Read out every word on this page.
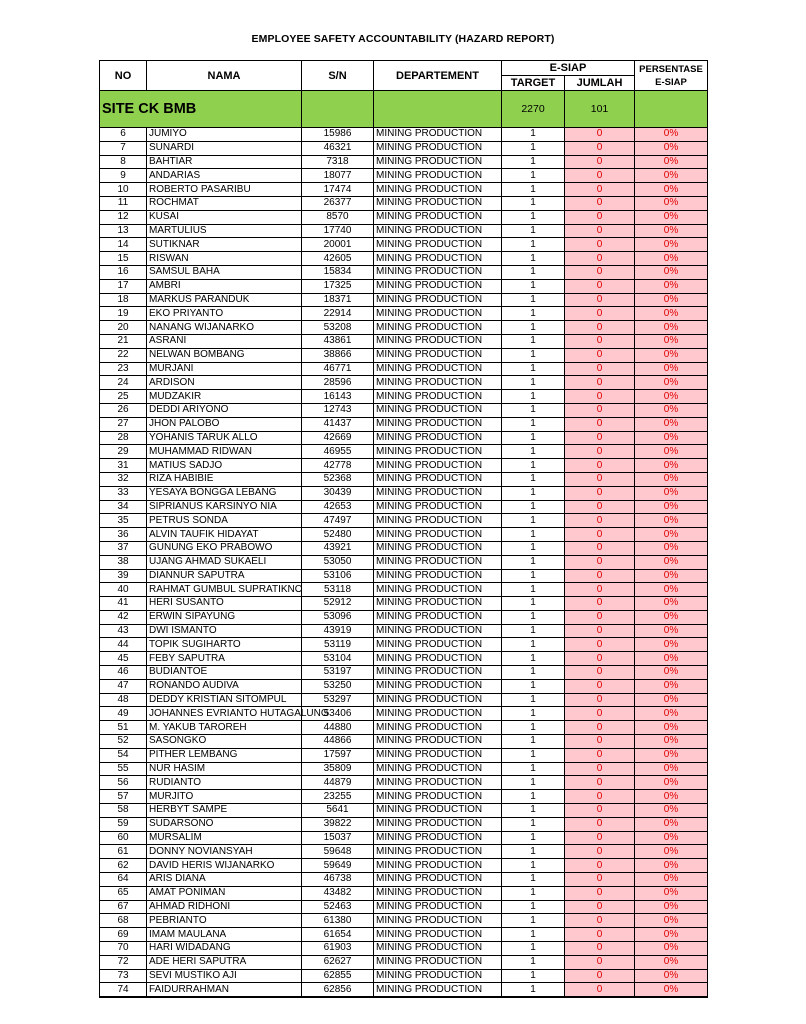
EMPLOYEE SAFETY ACCOUNTABILITY (HAZARD REPORT)
NO	NAMA	S/N	DEPARTEMENT	E-SIAP		PERSENTASE
E-SIAP

				TARGET	JUMLAH	
SITE CK BMB				2270	101	
6	JUMIYO	15986	MINING PRODUCTION	1	0	0%
7	SUNARDI	46321	MINING PRODUCTION	1	0	0%
8	BAHTIAR	7318	MINING PRODUCTION	1	0	0%
9	ANDARIAS	18077	MINING PRODUCTION	1	0	0%
10	ROBERTO PASARIBU	17474	MINING PRODUCTION	1	0	0%
11	ROCHMAT	26377	MINING PRODUCTION	1	0	0%
12	KUSAI	8570	MINING PRODUCTION	1	0	0%
13	MARTULIUS	17740	MINING PRODUCTION	1	0	0%
14	SUTIKNAR	20001	MINING PRODUCTION	1	0	0%
15	RISWAN	42605	MINING PRODUCTION	1	0	0%
16	SAMSUL BAHA	15834	MINING PRODUCTION	1	0	0%
17	AMBRI	17325	MINING PRODUCTION	1	0	0%
18	MARKUS PARANDUK	18371	MINING PRODUCTION	1	0	0%
19	EKO PRIYANTO	22914	MINING PRODUCTION	1	0	0%
20	NANANG WIJANARKO	53208	MINING PRODUCTION	1	0	0%
21	ASRANI	43861	MINING PRODUCTION	1	0	0%
22	NELWAN BOMBANG	38866	MINING PRODUCTION	1	0	0%
23	MURJANI	46771	MINING PRODUCTION	1	0	0%
24	ARDISON	28596	MINING PRODUCTION	1	0	0%
25	MUDZAKIR	16143	MINING PRODUCTION	1	0	0%
26	DEDDI ARIYONO	12743	MINING PRODUCTION	1	0	0%
27	JHON PALOBO	41437	MINING PRODUCTION	1	0	0%
28	YOHANIS TARUK ALLO	42669	MINING PRODUCTION	1	0	0%
29	MUHAMMAD RIDWAN	46955	MINING PRODUCTION	1	0	0%
31	MATIUS SADJO	42778	MINING PRODUCTION	1	0	0%
32	RIZA HABIBIE	52368	MINING PRODUCTION	1	0	0%
33	YESAYA BONGGA LEBANG	30439	MINING PRODUCTION	1	0	0%
34	SIPRIANUS KARSINYO NIA	42653	MINING PRODUCTION	1	0	0%
35	PETRUS SONDA	47497	MINING PRODUCTION	1	0	0%
36	ALVIN TAUFIK HIDAYAT	52480	MINING PRODUCTION	1	0	0%
37	GUNUNG EKO PRABOWO	43921	MINING PRODUCTION	1	0	0%
38	UJANG AHMAD SUKAELI	53050	MINING PRODUCTION	1	0	0%
39	DIANNUR SAPUTRA	53106	MINING PRODUCTION	1	0	0%
40	RAHMAT GUMBUL SUPRATIKNO	53118	MINING PRODUCTION	1	0	0%
41	HERI SUSANTO	52912	MINING PRODUCTION	1	0	0%
42	ERWIN SIPAYUNG	53096	MINING PRODUCTION	1	0	0%
43	DWI ISMANTO	43919	MINING PRODUCTION	1	0	0%
44	TOPIK SUGIHARTO	53119	MINING PRODUCTION	1	0	0%
45	FEBY SAPUTRA	53104	MINING PRODUCTION	1	0	0%
46	BUDIANTOE	53197	MINING PRODUCTION	1	0	0%
47	RONANDO AUDIVA	53250	MINING PRODUCTION	1	0	0%
48	DEDDY KRISTIAN SITOMPUL	53297	MINING PRODUCTION	1	0	0%
49	JOHANNES EVRIANTO HUTAGALUNG	53406	MINING PRODUCTION	1	0	0%
51	M. YAKUB TAROREH	44880	MINING PRODUCTION	1	0	0%
52	SASONGKO	44866	MINING PRODUCTION	1	0	0%
54	PITHER LEMBANG	17597	MINING PRODUCTION	1	0	0%
55	NUR HASIM	35809	MINING PRODUCTION	1	0	0%
56	RUDIANTO	44879	MINING PRODUCTION	1	0	0%
57	MURJITO	23255	MINING PRODUCTION	1	0	0%
58	HERBYT SAMPE	5641	MINING PRODUCTION	1	0	0%
59	SUDARSONO	39822	MINING PRODUCTION	1	0	0%
60	MURSALIM	15037	MINING PRODUCTION	1	0	0%
61	DONNY NOVIANSYAH	59648	MINING PRODUCTION	1	0	0%
62	DAVID HERIS WIJANARKO	59649	MINING PRODUCTION	1	0	0%
64	ARIS DIANA	46738	MINING PRODUCTION	1	0	0%
65	AMAT PONIMAN	43482	MINING PRODUCTION	1	0	0%
67	AHMAD RIDHONI	52463	MINING PRODUCTION	1	0	0%
68	PEBRIANTO	61380	MINING PRODUCTION	1	0	0%
69	IMAM MAULANA	61654	MINING PRODUCTION	1	0	0%
70	HARI WIDADANG	61903	MINING PRODUCTION	1	0	0%
72	ADE HERI SAPUTRA	62627	MINING PRODUCTION	1	0	0%
73	SEVI MUSTIKO AJI	62855	MINING PRODUCTION	1	0	0%
74	FAIDURRAHMAN	62856	MINING PRODUCTION	1	0	0%
